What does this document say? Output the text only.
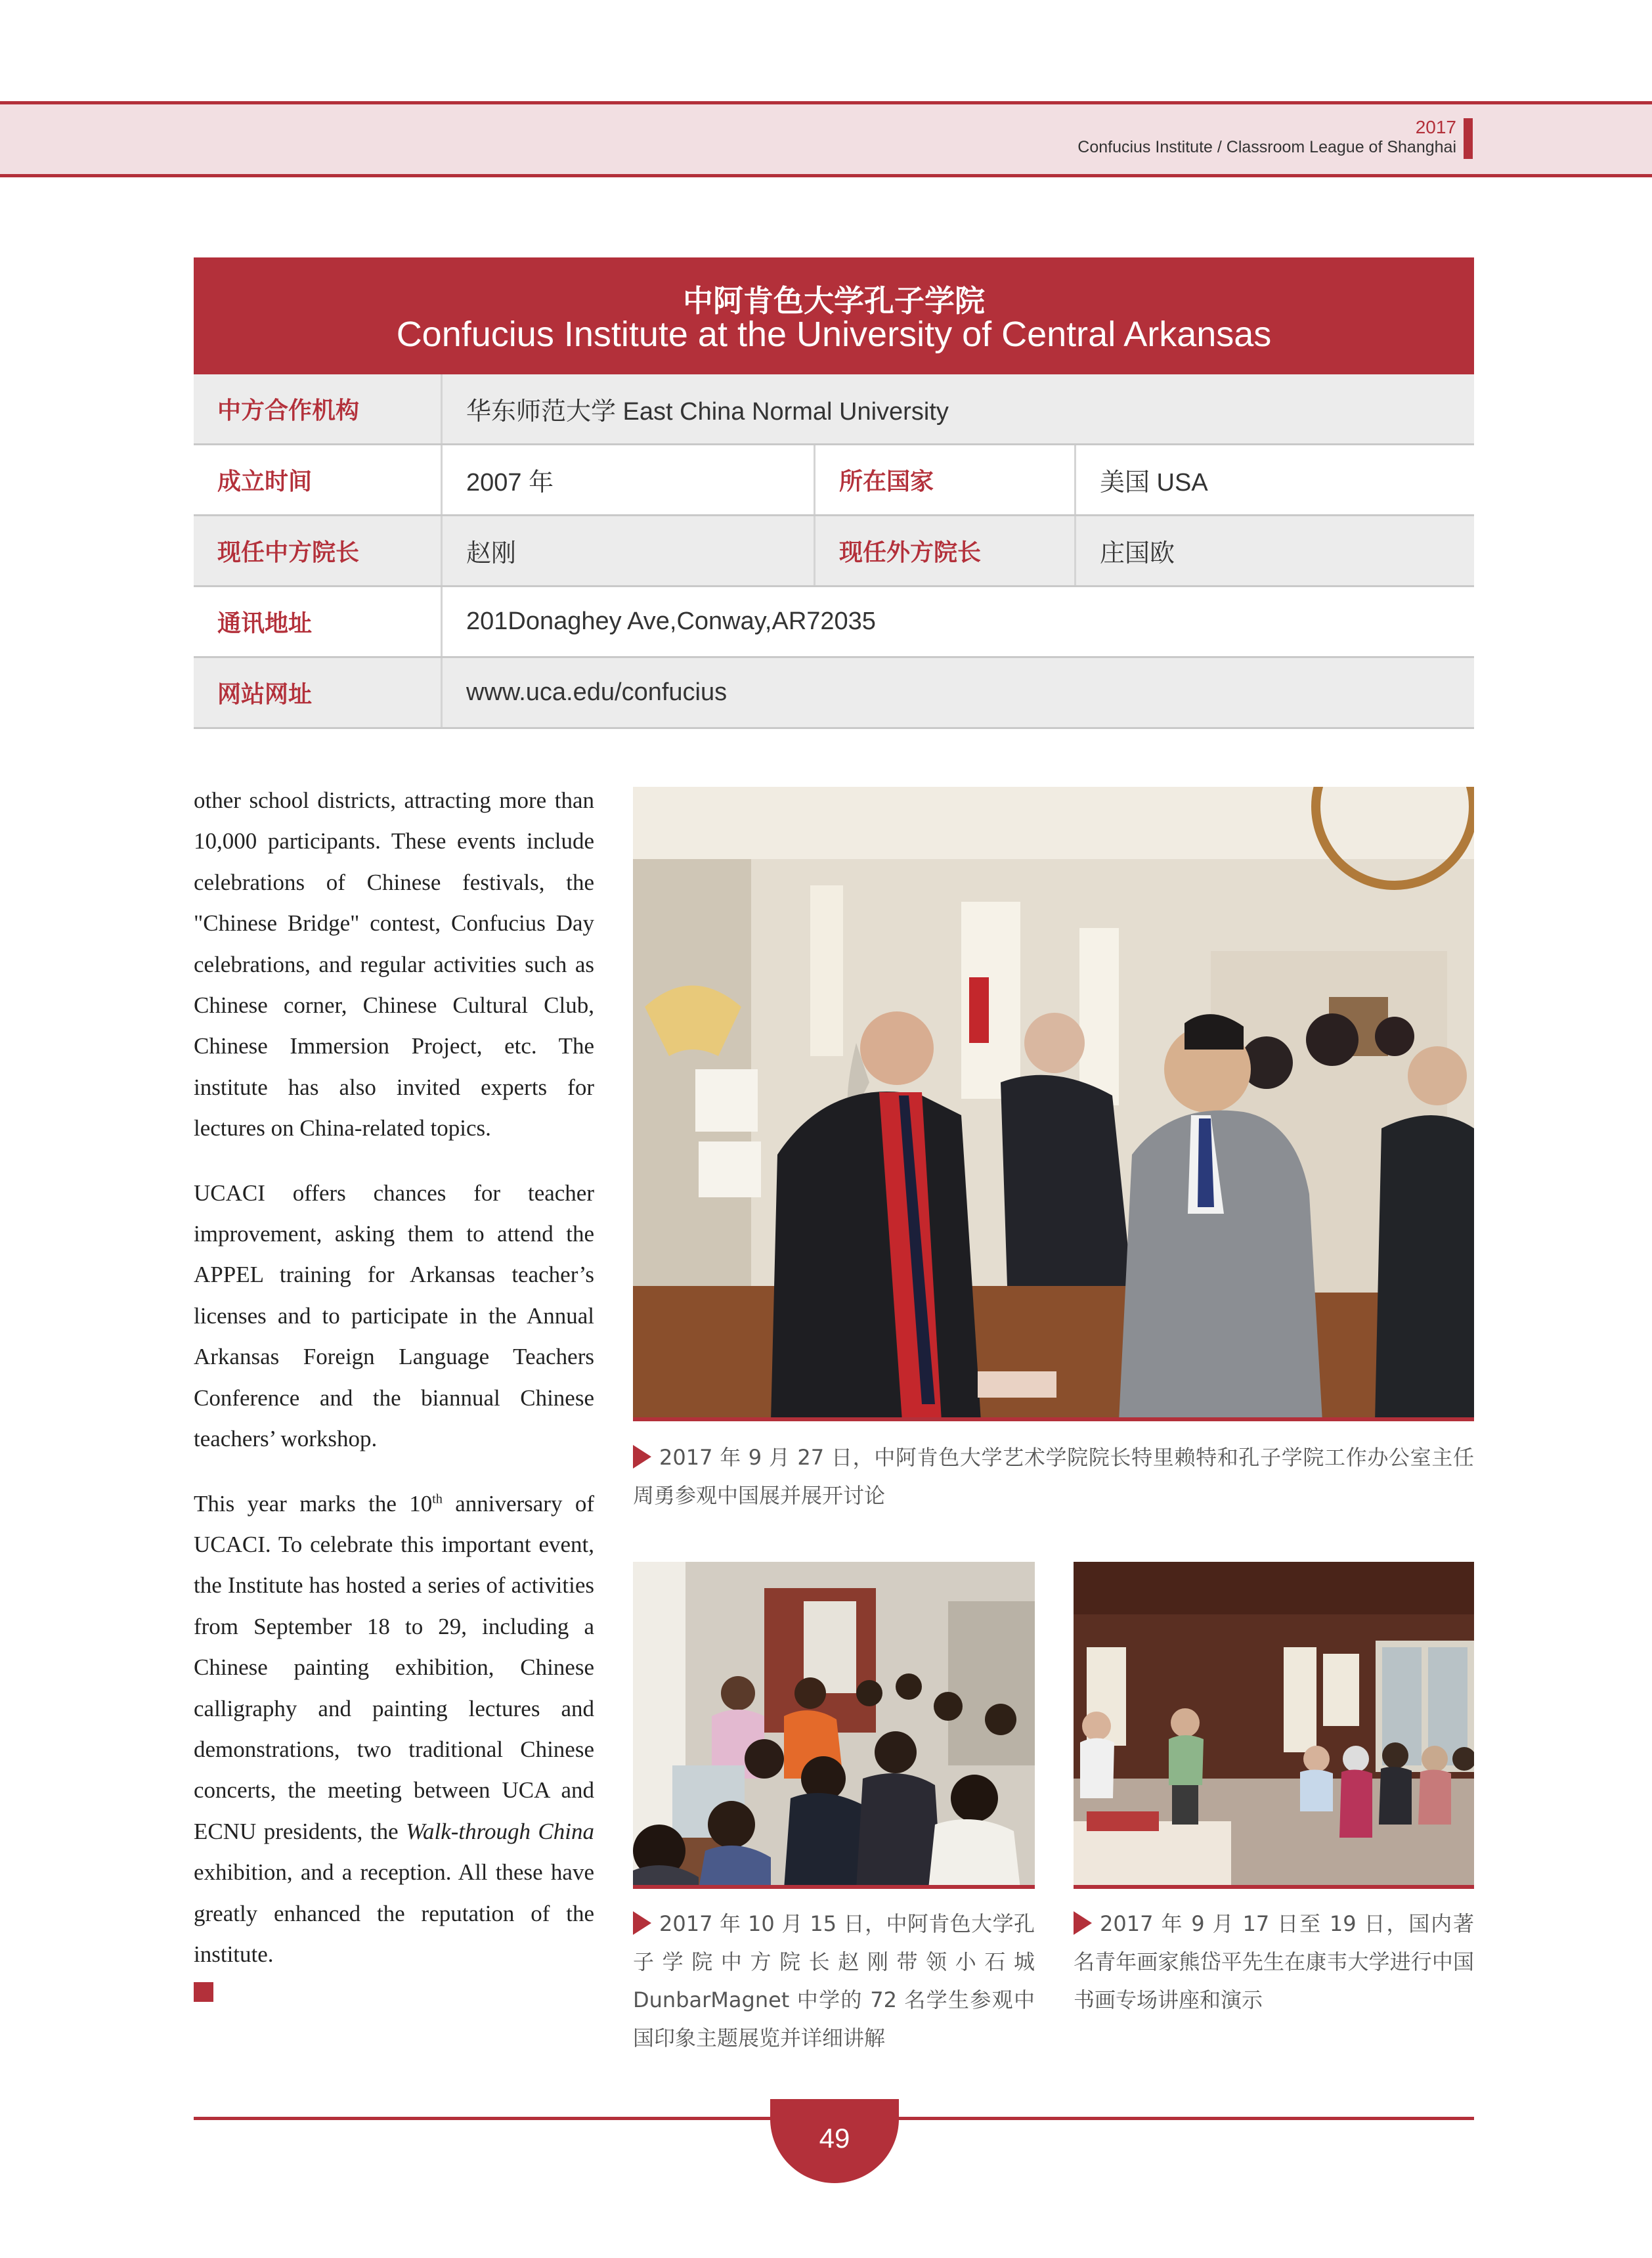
2017
Confucius Institute / Classroom League of Shanghai
中阿肯色大学孔子学院
Confucius Institute at the University of Central Arkansas
中方合作机构	华东师范大学 East China Normal University
成立时间	2007 年	所在国家	美国 USA
现任中方院长	赵刚	现任外方院长	庄国欧
通讯地址	201Donaghey Ave,Conway,AR72035
网站网址	www.uca.edu/confucius

other school districts, attracting more than 10,000 participants. These events include celebrations of Chinese festivals, the "Chinese Bridge" contest, Confucius Day celebrations, and regular activities such as Chinese corner, Chinese Cultural Club, Chinese Immersion Project, etc. The institute has also invited experts for lectures on China-related topics.

UCACI offers chances for teacher improvement, asking them to attend the APPEL training for Arkansas teacher’s licenses and to participate in the Annual Arkansas Foreign Language Teachers Conference and the biannual Chinese teachers’ workshop.

This year marks the 10th anniversary of UCACI. To celebrate this important event, the Institute has hosted a series of activities from September 18 to 29, including a Chinese painting exhibition, Chinese calligraphy and painting lectures and demonstrations, two traditional Chinese concerts, the meeting between UCA and ECNU presidents, the Walk-through China exhibition, and a reception. All these have greatly enhanced the reputation of the institute.

2017 年 9 月 27 日，中阿肯色大学艺术学院院长特里赖特和孔子学院工作办公室主任周勇参观中国展并展开讨论
2017 年 10 月 15 日，中阿肯色大学孔子学院中方院长赵刚带领小石城 DunbarMagnet 中学的 72 名学生参观中国印象主题展览并详细讲解
2017 年 9 月 17 日至 19 日，国内著名青年画家熊岱平先生在康韦大学进行中国书画专场讲座和演示
49
